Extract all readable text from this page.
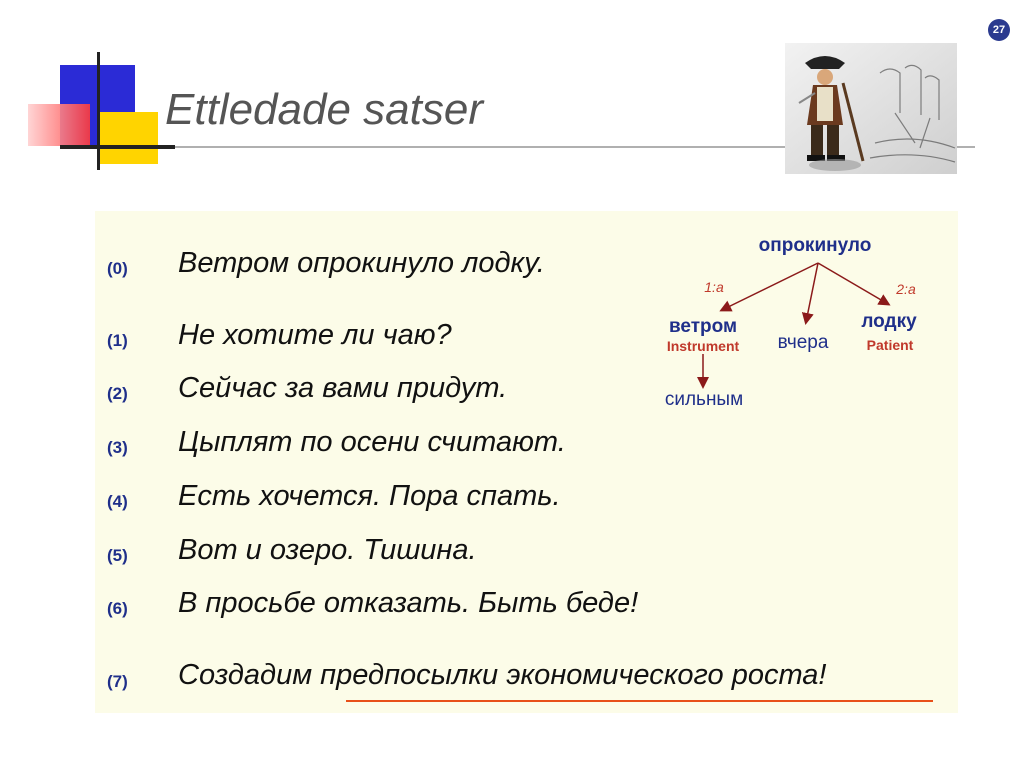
Ettledade satser
27
(0) Ветром опрокинуло лодку.
(1) Не хотите ли чаю?
(2) Сейчас за вами придут.
(3) Цыплят по осени считают.
(4) Есть хочется. Пора спать.
(5) Вот и озеро. Тишина.
(6) В просьбе отказать. Быть беде!
(7) Создадим предпосылки экономического роста!
опрокинуло
1:a	2:a
ветром
Instrument вчера
лодку
Patient
сильным
